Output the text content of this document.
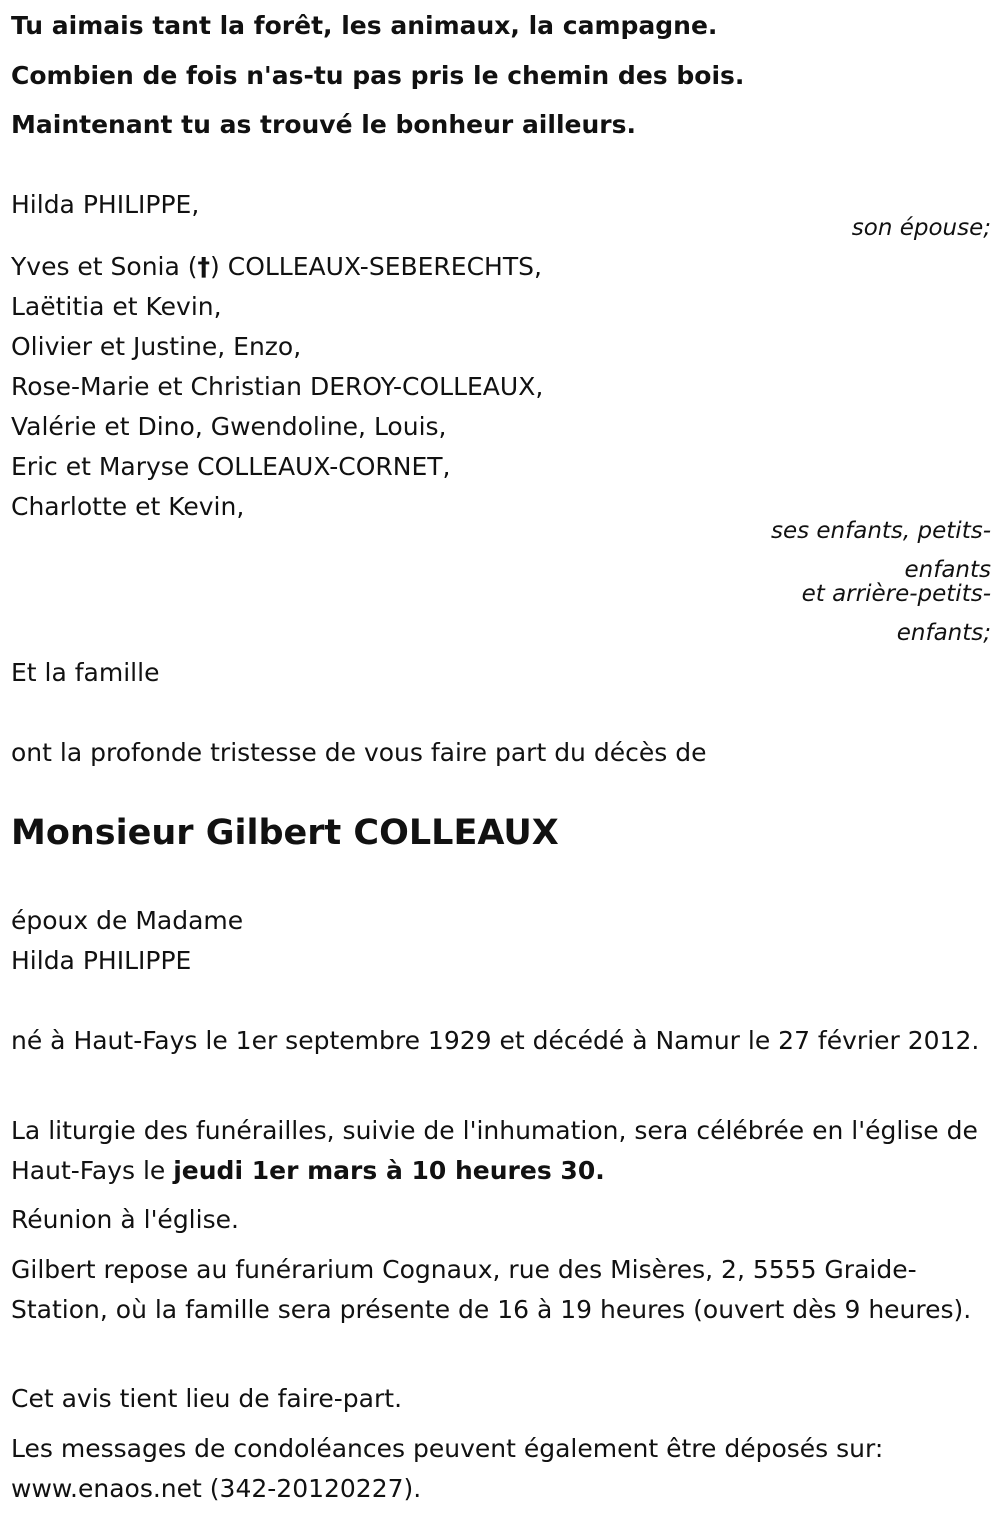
Tu aimais tant la forêt, les animaux, la campagne.
Combien de fois n'as-tu pas pris le chemin des bois.
Maintenant tu as trouvé le bonheur ailleurs.
Hilda PHILIPPE,
son épouse;
Yves et Sonia (†) COLLEAUX-SEBERECHTS,
Laëtitia et Kevin,
Olivier et Justine, Enzo,
Rose-Marie et Christian DEROY-COLLEAUX,
Valérie et Dino, Gwendoline, Louis,
Eric et Maryse COLLEAUX-CORNET,
Charlotte et Kevin,
ses enfants, petits-
enfants
et arrière-petits-
enfants;
Et la famille
ont la profonde tristesse de vous faire part du décès de
Monsieur Gilbert COLLEAUX
époux de Madame
Hilda PHILIPPE
né à Haut-Fays le 1er septembre 1929 et décédé à Namur le 27 février 2012.
La liturgie des funérailles, suivie de l'inhumation, sera célébrée en l'église de Haut-Fays le jeudi 1er mars à 10 heures 30.
Réunion à l'église.
Gilbert repose au funérarium Cognaux, rue des Misères, 2, 5555 Graide-Station, où la famille sera présente de 16 à 19 heures (ouvert dès 9 heures).
Cet avis tient lieu de faire-part.
Les messages de condoléances peuvent également être déposés sur: www.enaos.net (342-20120227).
